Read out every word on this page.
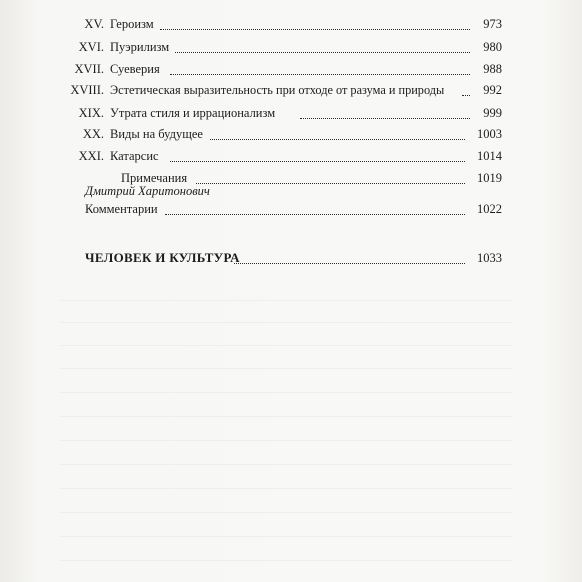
XV. Героизм	973
XVI. Пуэрилизм	980
XVII. Суеверия	988
XVIII. Эстетическая выразительность при отходе от разума и природы	992
XIX. Утрата стиля и иррационализм	999
XX. Виды на будущее	1003
XXI. Катарсис	1014
Примечания	1019
Дмитрий Харитонович
Комментарии	1022
ЧЕЛОВЕК И КУЛЬТУРА	1033
